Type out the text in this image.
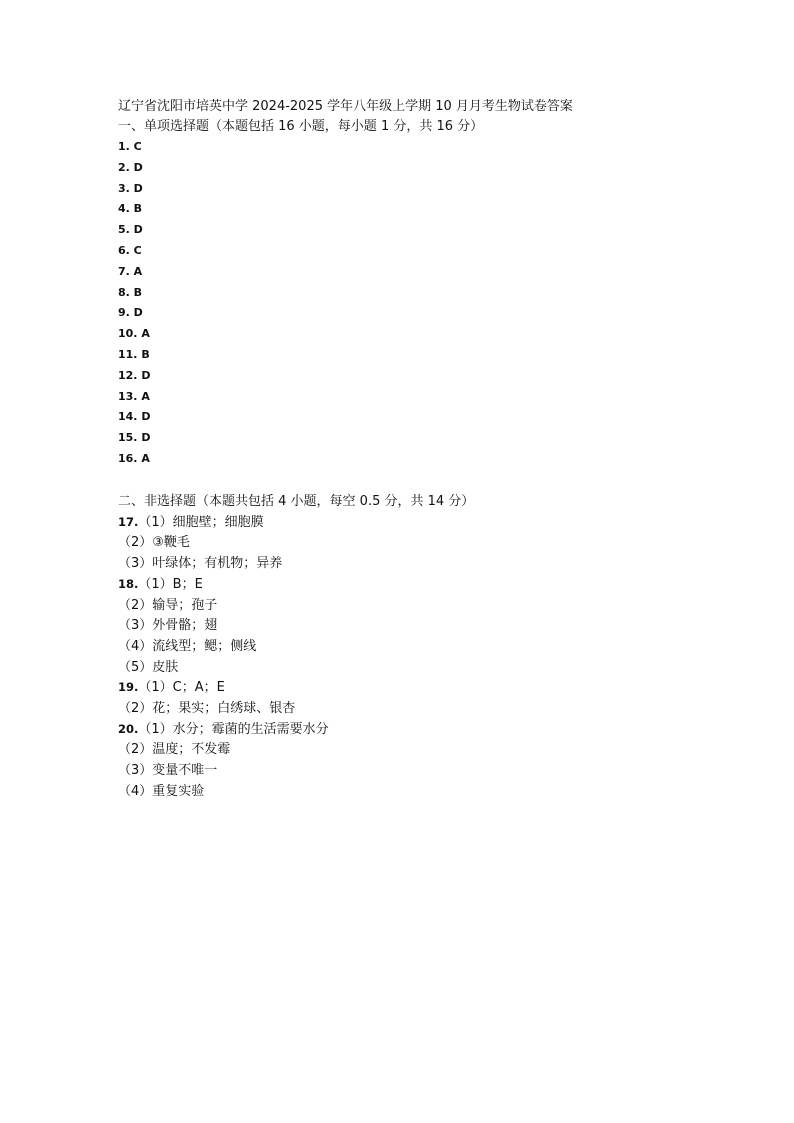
辽宁省沈阳市培英中学 2024-2025 学年八年级上学期 10 月月考生物试卷答案
一、单项选择题（本题包括 16 小题，每小题 1 分，共 16 分）
1. C
2. D
3. D
4. B
5. D
6. C
7. A
8. B
9. D
10. A
11. B
12. D
13. A
14. D
15. D
16. A
二、非选择题（本题共包括 4 小题，每空 0.5 分，共 14 分）
17.（1）细胞壁；细胞膜
（2）③鞭毛
（3）叶绿体；有机物；异养
18.（1）B；E
（2）输导；孢子
（3）外骨骼；翅
（4）流线型；鳃；侧线
（5）皮肤
19.（1）C；A；E
（2）花；果实；白绣球、银杏
20.（1）水分；霉菌的生活需要水分
（2）温度；不发霉
（3）变量不唯一
（4）重复实验
